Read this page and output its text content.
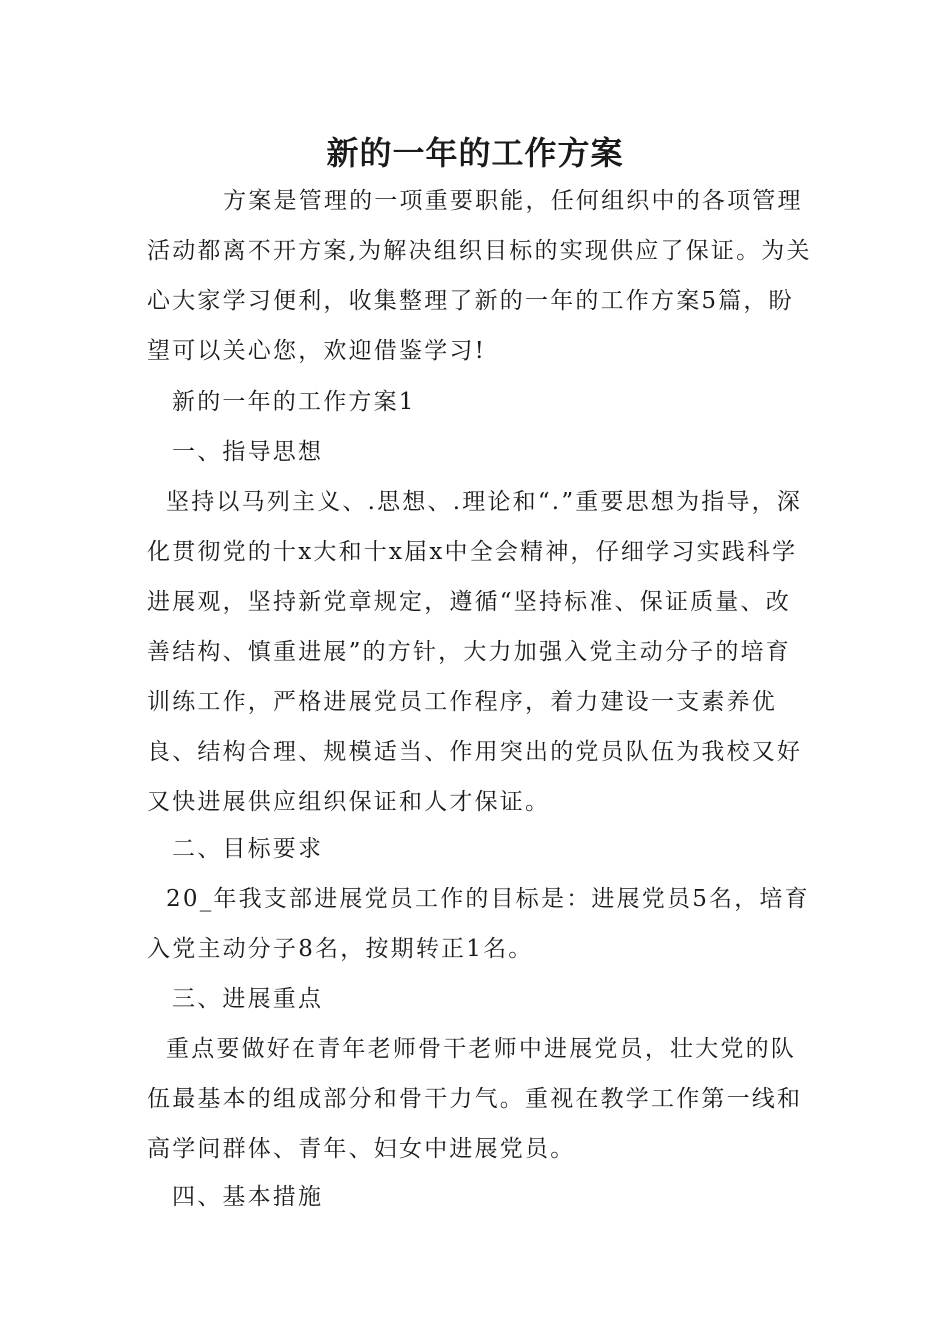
新的一年的工作方案
方案是管理的一项重要职能，任何组织中的各项管理活动都离不开方案,为解决组织目标的实现供应了保证。为关心大家学习便利，收集整理了新的一年的工作方案5篇，盼望可以关心您，欢迎借鉴学习!
新的一年的工作方案1
一、指导思想
坚持以马列主义、.思想、.理论和“.”重要思想为指导，深化贯彻党的十x大和十x届x中全会精神，仔细学习实践科学进展观，坚持新党章规定，遵循“坚持标准、保证质量、改善结构、慎重进展”的方针，大力加强入党主动分子的培育训练工作，严格进展党员工作程序，着力建设一支素养优良、结构合理、规模适当、作用突出的党员队伍为我校又好又快进展供应组织保证和人才保证。
二、目标要求
20_年我支部进展党员工作的目标是：进展党员5名，培育入党主动分子8名，按期转正1名。
三、进展重点
重点要做好在青年老师骨干老师中进展党员，壮大党的队伍最基本的组成部分和骨干力气。重视在教学工作第一线和高学问群体、青年、妇女中进展党员。
四、基本措施
